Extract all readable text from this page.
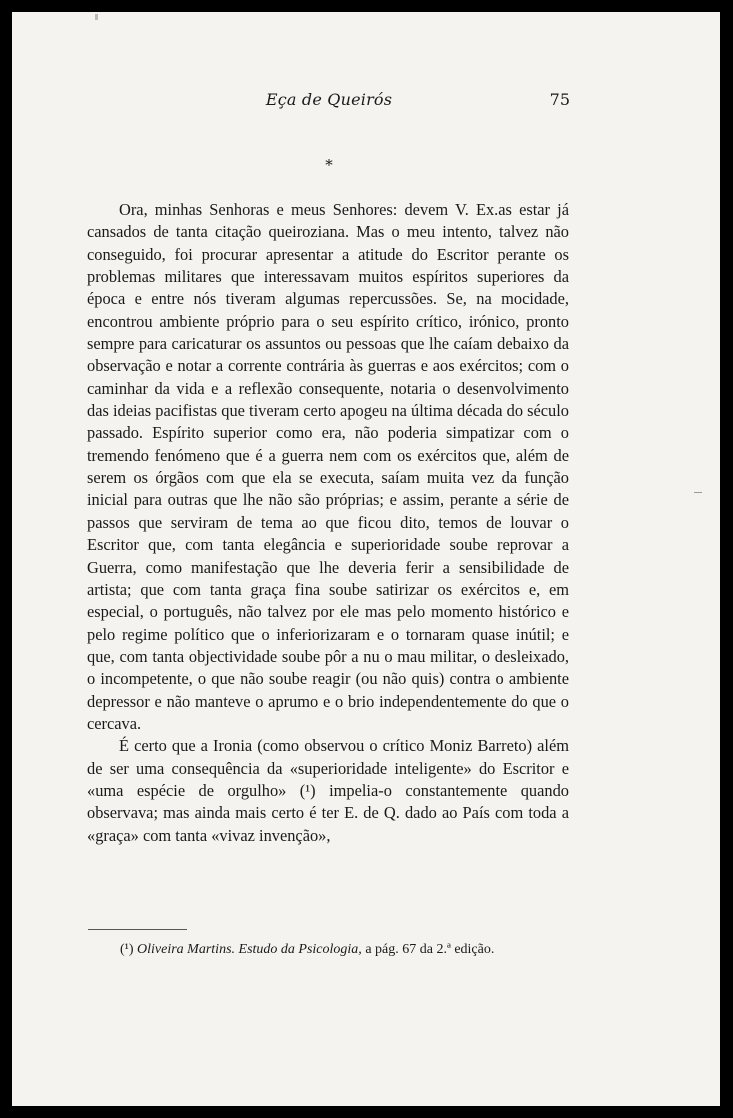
Eça de Queirós	75
*

Ora, minhas Senhoras e meus Senhores: devem V. Ex.as estar já cansados de tanta citação queiroziana. Mas o meu intento, talvez não conseguido, foi procurar apresentar a atitude do Escritor perante os problemas militares que interessavam muitos espíritos superiores da época e entre nós tiveram algumas repercussões. Se, na mocidade, encontrou ambiente próprio para o seu espírito crítico, irónico, pronto sempre para caricaturar os assuntos ou pessoas que lhe caíam debaixo da observação e notar a corrente contrária às guerras e aos exércitos; com o caminhar da vida e a reflexão consequente, notaria o desenvolvimento das ideias pacifistas que tiveram certo apogeu na última década do século passado. Espírito superior como era, não poderia simpatizar com o tremendo fenómeno que é a guerra nem com os exércitos que, além de serem os órgãos com que ela se executa, saíam muita vez da função inicial para outras que lhe não são próprias; e assim, perante a série de passos que serviram de tema ao que ficou dito, temos de louvar o Escritor que, com tanta elegância e superioridade soube reprovar a Guerra, como manifestação que lhe deveria ferir a sensibilidade de artista; que com tanta graça fina soube satirizar os exércitos e, em especial, o português, não talvez por ele mas pelo momento histórico e pelo regime político que o inferiorizaram e o tornaram quase inútil; e que, com tanta objectividade soube pôr a nu o mau militar, o desleixado, o incompetente, o que não soube reagir (ou não quis) contra o ambiente depressor e não manteve o aprumo e o brio independentemente do que o cercava.

É certo que a Ironia (como observou o crítico Moniz Barreto) além de ser uma consequência da «superioridade inteligente» do Escritor e «uma espécie de orgulho» (¹) impelia-o constantemente quando observava; mas ainda mais certo é ter E. de Q. dado ao País com toda a «graça» com tanta «vivaz invenção»,

(¹) Oliveira Martins. Estudo da Psicologia, a pág. 67 da 2.ª edição.
